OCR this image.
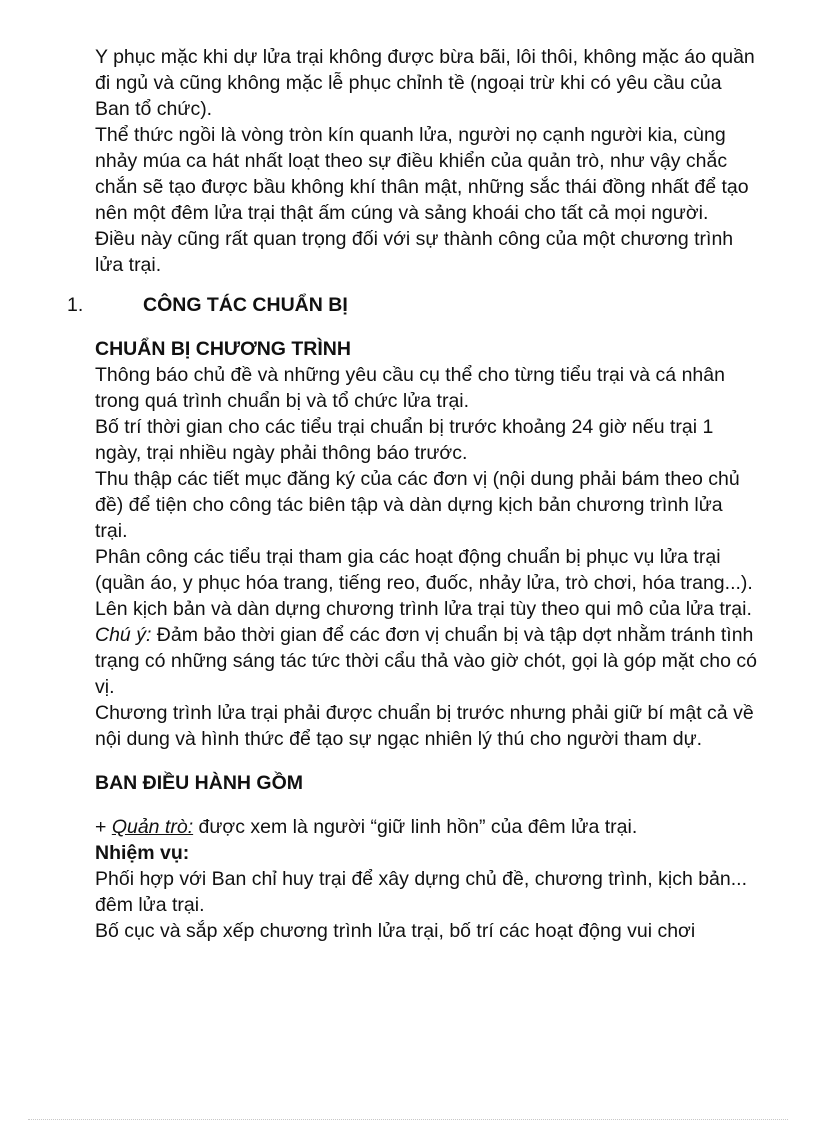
Y phục mặc khi dự lửa trại không được bừa bãi, lôi thôi, không mặc áo quần đi ngủ và cũng không mặc lễ phục chỉnh tề (ngoại trừ khi có yêu cầu của Ban tổ chức).

Thể thức ngồi là vòng tròn kín quanh lửa, người nọ cạnh người kia, cùng nhảy múa ca hát nhất loạt theo sự điều khiển của quản trò, như vậy chắc chắn sẽ tạo được bầu không khí thân mật, những sắc thái đồng nhất để tạo nên một đêm lửa trại thật ấm cúng và sảng khoái cho tất cả mọi người.

Điều này cũng rất quan trọng đối với sự thành công của một chương trình lửa trại.

1.	CÔNG TÁC CHUẨN BỊ

CHUẨN BỊ CHƯƠNG TRÌNH

Thông báo chủ đề và những yêu cầu cụ thể cho từng tiểu trại và cá nhân trong quá trình chuẩn bị và tổ chức lửa trại.

Bố trí thời gian cho các tiểu trại chuẩn bị trước khoảng 24 giờ nếu trại 1 ngày, trại nhiều ngày phải thông báo trước.

Thu thập các tiết mục đăng ký của các đơn vị (nội dung phải bám theo chủ đề) để tiện cho công tác biên tập và dàn dựng kịch bản chương trình lửa trại.

Phân công các tiểu trại tham gia các hoạt động chuẩn bị phục vụ lửa trại (quần áo, y phục hóa trang, tiếng reo, đuốc, nhảy lửa, trò chơi, hóa trang...).

Lên kịch bản và dàn dựng chương trình lửa trại tùy theo qui mô của lửa trại.

Chú ý: Đảm bảo thời gian để các đơn vị chuẩn bị và tập dợt nhằm tránh tình trạng có những sáng tác tức thời cẩu thả vào giờ chót, gọi là góp mặt cho có vị.

Chương trình lửa trại phải được chuẩn bị trước nhưng phải giữ bí mật cả về nội dung và hình thức để tạo sự ngạc nhiên lý thú cho người tham dự.

BAN ĐIỀU HÀNH GỒM

+ Quản trò: được xem là người “giữ linh hồn” của đêm lửa trại.

Nhiệm vụ:

Phối hợp với Ban chỉ huy trại để xây dựng chủ đề, chương trình, kịch bản... đêm lửa trại.

Bố cục và sắp xếp chương trình lửa trại, bố trí các hoạt động vui chơi
